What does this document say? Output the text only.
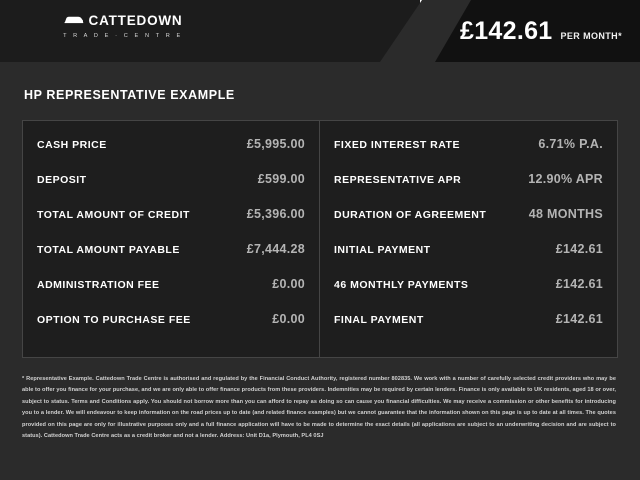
CATTEDOWN
T R A D E · C E N T R E	£142.61 PER MONTH*
HP REPRESENTATIVE EXAMPLE
CASH PRICE	£5,995.00
DEPOSIT	£599.00
TOTAL AMOUNT OF CREDIT	£5,396.00
TOTAL AMOUNT PAYABLE	£7,444.28
ADMINISTRATION FEE	£0.00
OPTION TO PURCHASE FEE	£0.00
FIXED INTEREST RATE	6.71% P.A.
REPRESENTATIVE APR	12.90% APR
DURATION OF AGREEMENT	48 MONTHS
INITIAL PAYMENT	£142.61
46 MONTHLY PAYMENTS	£142.61
FINAL PAYMENT	£142.61
* Representative Example. Cattedown Trade Centre is authorised and regulated by the Financial Conduct Authority, registered number 802835. We work with a number of carefully selected credit providers who may be able to offer you finance for your purchase, and we are only able to offer finance products from these providers. Indemnities may be required by certain lenders. Finance is only available to UK residents, aged 18 or over, subject to status. Terms and Conditions apply. You should not borrow more than you can afford to repay as doing so can cause you financial difficulties. We may receive a commission or other benefits for introducing you to a lender. We will endeavour to keep information on the road prices up to date (and related finance examples) but we cannot guarantee that the information shown on this page is up to date at all times. The quotes provided on this page are only for illustrative purposes only and a full finance application will have to be made to determine the exact details (all applications are subject to an underwriting decision and are subject to status). Cattedown Trade Centre acts as a credit broker and not a lender. Address: Unit D1a, Plymouth, PL4 0SJ
